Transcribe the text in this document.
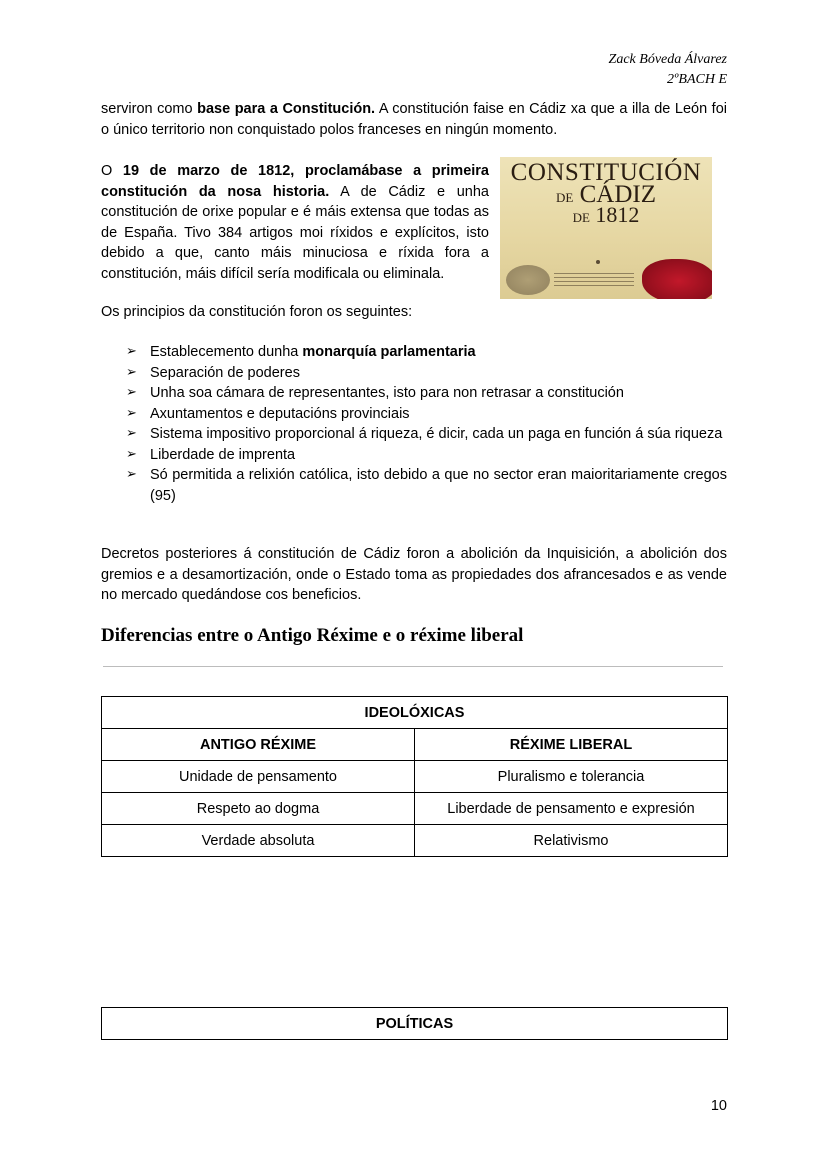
Zack Bóveda Álvarez
2ºBACH E

serviron como base para a Constitución. A constitución faise en Cádiz xa que a illa de León foi o único territorio non conquistado polos franceses en ningún momento.

O 19 de marzo de 1812, proclamábase a primeira constitución da nosa historia. A de Cádiz e unha constitución de orixe popular e é máis extensa que todas as de España. Tivo 384 artigos moi ríxidos e explícitos, isto debido a que, canto máis minuciosa e ríxida fora a constitución, máis difícil sería modificala ou eliminala.

CONSTITUCIÓN
DE CÁDIZ
DE 1812

Os principios da constitución foron os seguintes:

➢ Establecemento dunha monarquía parlamentaria
➢ Separación de poderes
➢ Unha soa cámara de representantes, isto para non retrasar a constitución
➢ Axuntamentos e deputacións provinciais
➢ Sistema impositivo proporcional á riqueza, é dicir, cada un paga en función á súa riqueza
➢ Liberdade de imprenta
➢ Só permitida a relixión católica, isto debido a que no sector eran maioritariamente cregos (95)

Decretos posteriores á constitución de Cádiz foron a abolición da Inquisición, a abolición dos gremios e a desamortización, onde o Estado toma as propiedades dos afrancesados e as vende no mercado quedándose cos beneficios.

Diferencias entre o Antigo Réxime e o réxime liberal
IDEOLÓXICAS	
ANTIGO RÉXIME	RÉXIME LIBERAL
Unidade de pensamento	Pluralismo e tolerancia
Respeto ao dogma	Liberdade de pensamento e expresión
Verdade absoluta	Relativismo
POLÍTICAS
10
